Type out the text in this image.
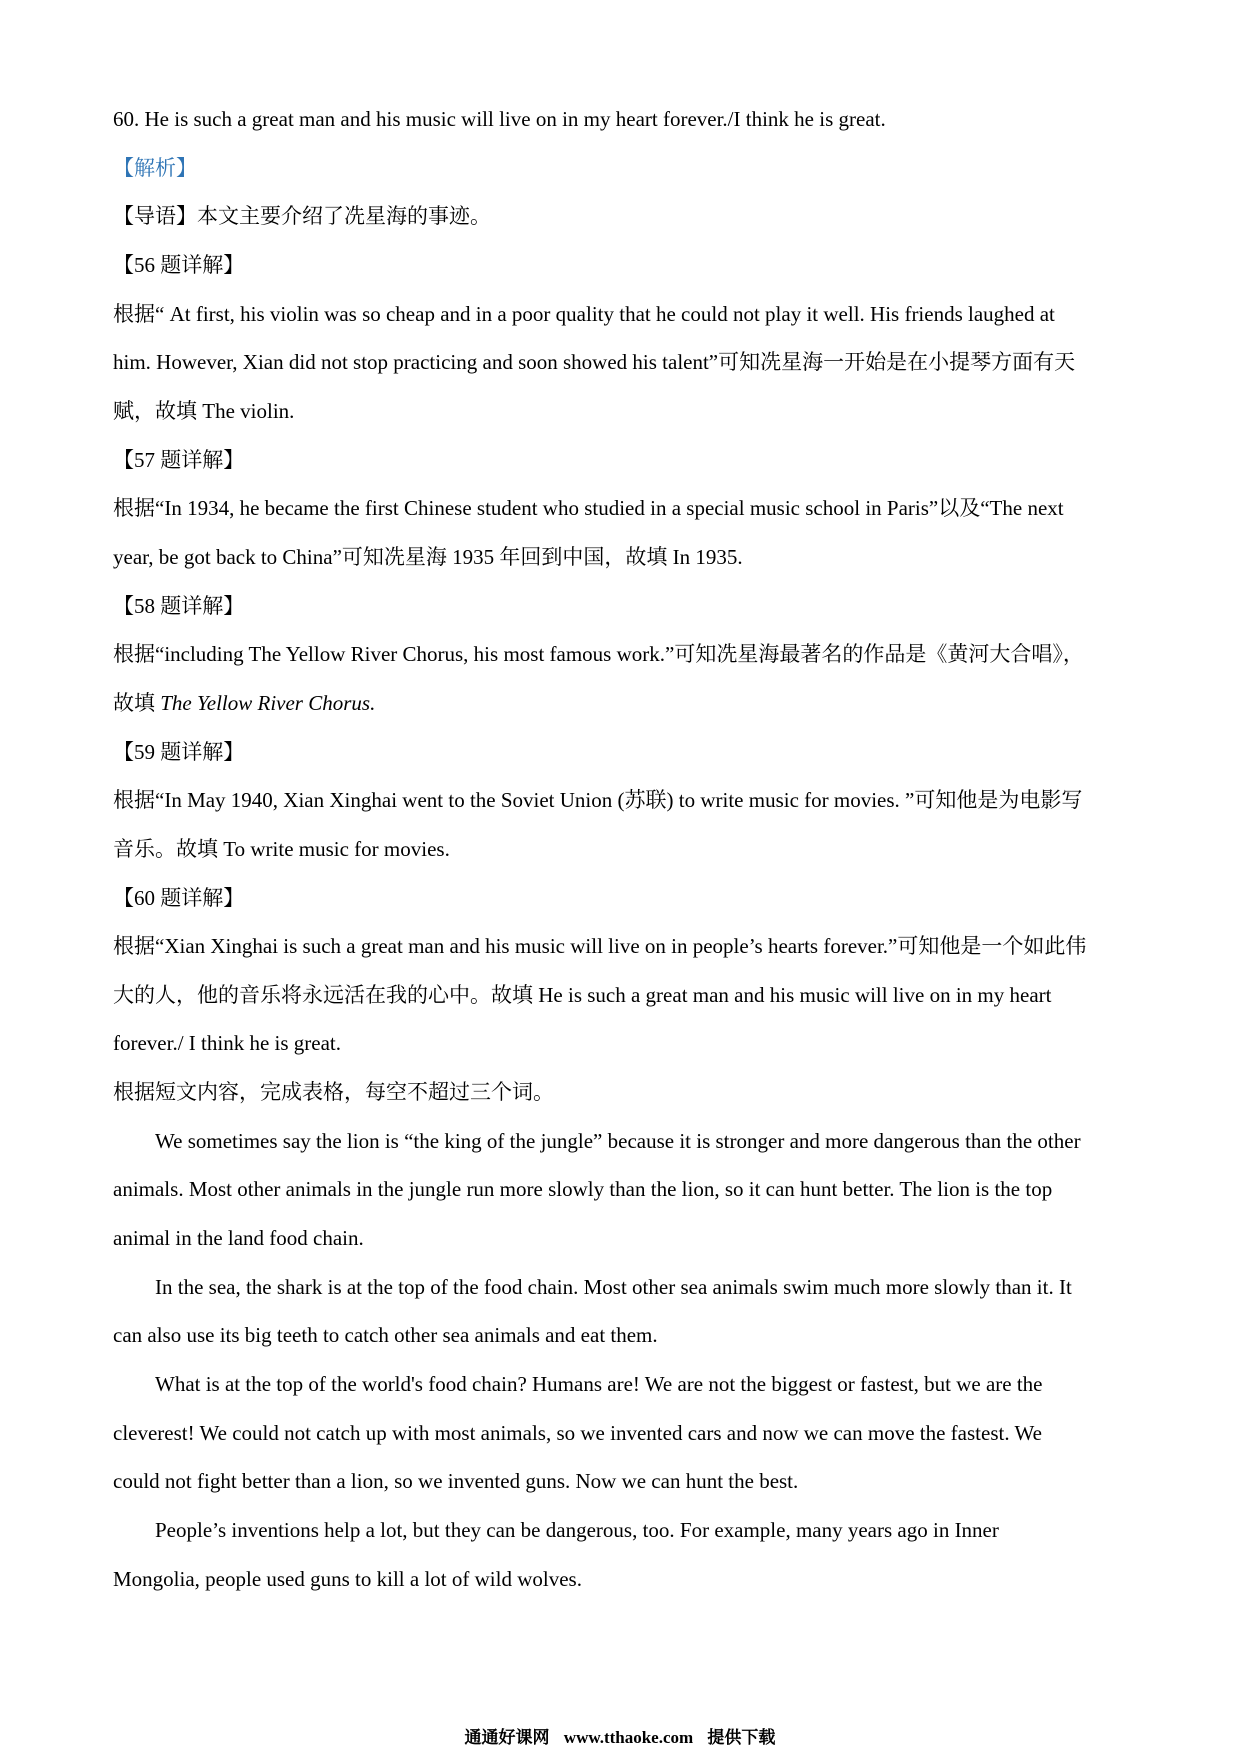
60. He is such a great man and his music will live on in my heart forever./I think he is great.
【解析】
【导语】本文主要介绍了冼星海的事迹。
【56 题详解】
根据“ At first, his violin was so cheap and in a poor quality that he could not play it well. His friends laughed at
him. However, Xian did not stop practicing and soon showed his talent”可知冼星海一开始是在小提琴方面有天
赋，故填 The violin.
【57 题详解】
根据“In 1934, he became the first Chinese student who studied in a special music school in Paris”以及“The next
year, be got back to China”可知冼星海 1935 年回到中国，故填 In 1935.
【58 题详解】
根据“including The Yellow River Chorus, his most famous work.”可知冼星海最著名的作品是《黄河大合唱》，
故填 The Yellow River Chorus.
【59 题详解】
根据“In May 1940, Xian Xinghai went to the Soviet Union (苏联) to write music for movies. ”可知他是为电影写
音乐。故填 To write music for movies.
【60 题详解】
根据“Xian Xinghai is such a great man and his music will live on in people’s hearts forever.”可知他是一个如此伟
大的人，他的音乐将永远活在我的心中。故填 He is such a great man and his music will live on in my heart
forever./ I think he is great.
根据短文内容，完成表格，每空不超过三个词。
We sometimes say the lion is “the king of the jungle” because it is stronger and more dangerous than the other
animals. Most other animals in the jungle run more slowly than the lion, so it can hunt better. The lion is the top
animal in the land food chain.
In the sea, the shark is at the top of the food chain. Most other sea animals swim much more slowly than it. It
can also use its big teeth to catch other sea animals and eat them.
What is at the top of the world's food chain? Humans are! We are not the biggest or fastest, but we are the
cleverest! We could not catch up with most animals, so we invented cars and now we can move the fastest. We
could not fight better than a lion, so we invented guns. Now we can hunt the best.
People’s inventions help a lot, but they can be dangerous, too. For example, many years ago in Inner
Mongolia, people used guns to kill a lot of wild wolves.
通通好课网 www.tthaoke.com 提供下载
